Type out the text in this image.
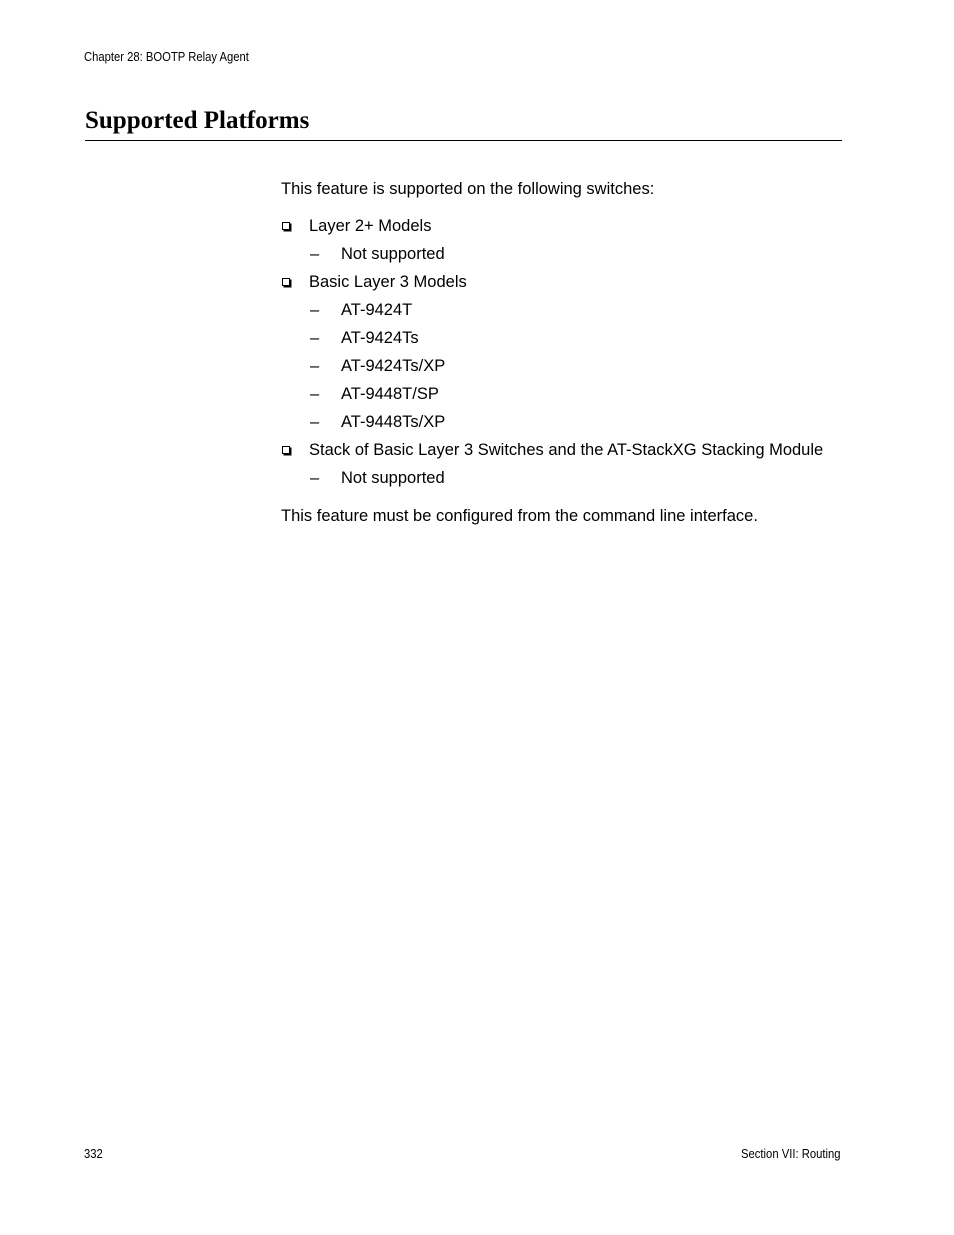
Chapter 28: BOOTP Relay Agent
Supported Platforms

This feature is supported on the following switches:

Layer 2+ Models
– Not supported
Basic Layer 3 Models
– AT-9424T
– AT-9424Ts
– AT-9424Ts/XP
– AT-9448T/SP
– AT-9448Ts/XP
Stack of Basic Layer 3 Switches and the AT-StackXG Stacking Module
– Not supported

This feature must be configured from the command line interface.

332	Section VII: Routing
